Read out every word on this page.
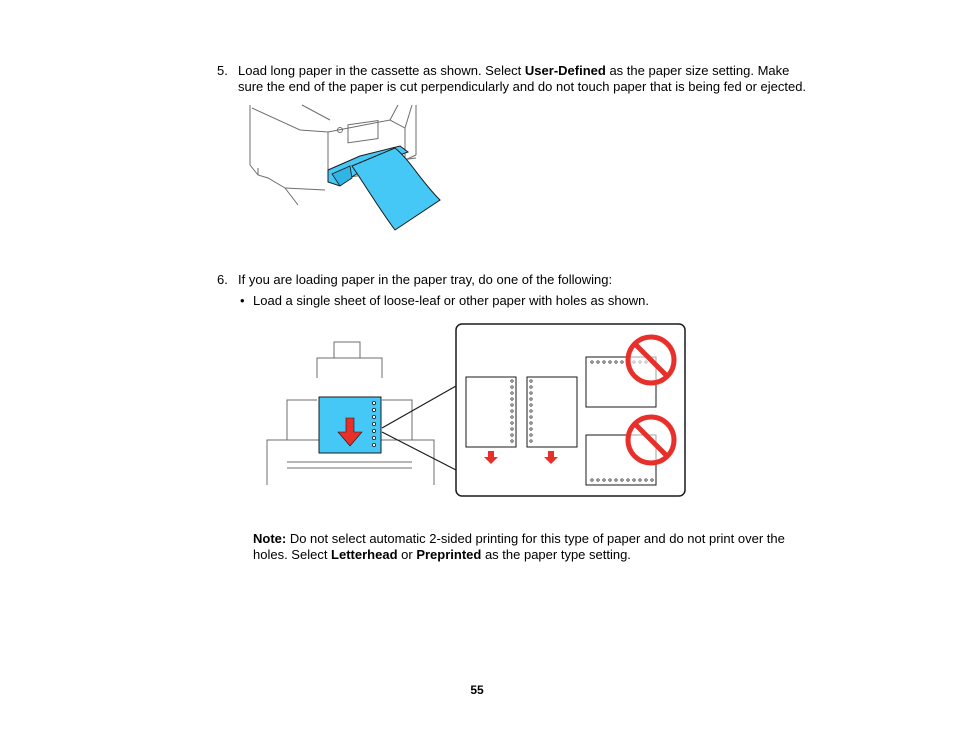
5. Load long paper in the cassette as shown. Select User-Defined as the paper size setting. Make
sure the end of the paper is cut perpendicularly and do not touch paper that is being fed or ejected.
6. If you are loading paper in the paper tray, do one of the following:
• Load a single sheet of loose-leaf or other paper with holes as shown.
Note: Do not select automatic 2-sided printing for this type of paper and do not print over the
holes. Select Letterhead or Preprinted as the paper type setting.
55
